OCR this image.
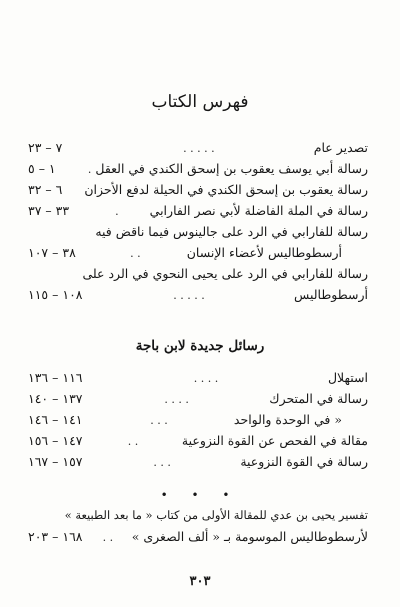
فهرس الكتاب
تصدير عام
. . . . .
٧ – ٢٣
رسالة أبي يوسف يعقوب بن إسحق الكندي في العقل
.
١ – ٥
رسالة يعقوب بن إسحق الكندي في الحيلة لدفع الأحزان
٦ – ٣٢
رسالة في الملة الفاضلة لأبي نصر الفارابي
.
٣٣ – ٣٧
رسالة للفارابي في الرد على جالينوس فيما ناقض فيه
أرسطوطاليس لأعضاء الإنسان
. .
٣٨ – ١٠٧
رسالة للفارابي في الرد على يحيى النحوي في الرد على
أرسطوطاليس
. . . . .
١٠٨ – ١١٥
رسائل جديدة لابن باجة
استهلال
. . . .
١١٦ – ١٣٦
رسالة في المتحرك
. . . .
١٣٧ – ١٤٠
« في الوحدة والواحد
. . .
١٤١ – ١٤٦
مقالة في الفحص عن القوة النزوعية
. .
١٤٧ – ١٥٦
رسالة في القوة النزوعية
. . .
١٥٧ – ١٦٧
• • •
تفسير يحيى بن عدي للمقالة الأولى من كتاب « ما بعد الطبيعة »
لأرسطوطاليس الموسومة بـ « ألف الصغرى »
. .
١٦٨ – ٢٠٣
٣٠٣
